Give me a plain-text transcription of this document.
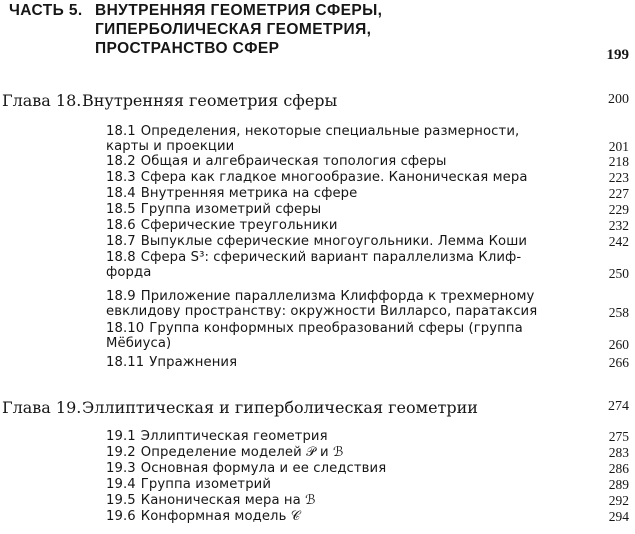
ЧАСТЬ 5. ВНУТРЕННЯЯ ГЕОМЕТРИЯ СФЕРЫ,
ГИПЕРБОЛИЧЕСКАЯ ГЕОМЕТРИЯ,
ПРОСТРАНСТВО СФЕР	199
Глава 18.Внутренняя геометрия сферы	200
18.1 Определения, некоторые специальные размерности,
карты и проекции	201
18.2 Общая и алгебраическая топология сферы	218
18.3 Сфера как гладкое многообразие. Каноническая мера	223
18.4 Внутренняя метрика на сфере	227
18.5 Группа изометрий сферы	229
18.6 Сферические треугольники	232
18.7 Выпуклые сферические многоугольники. Лемма Коши	242
18.8 Сфера S³: сферический вариант параллелизма Клиф-
форда	250
18.9 Приложение параллелизма Клиффорда к трехмерному
евклидову пространству: окружности Вилларсо, паратаксия	258
18.10 Группа конформных преобразований сферы (группа
Мёбиуса)	260
18.11 Упражнения	266
Глава 19.Эллиптическая и гиперболическая геометрии	274
19.1 Эллиптическая геометрия	275
19.2 Определение моделей 𝒫 и ℬ	283
19.3 Основная формула и ее следствия	286
19.4 Группа изометрий	289
19.5 Каноническая мера на ℬ	292
19.6 Конформная модель 𝒞	294
